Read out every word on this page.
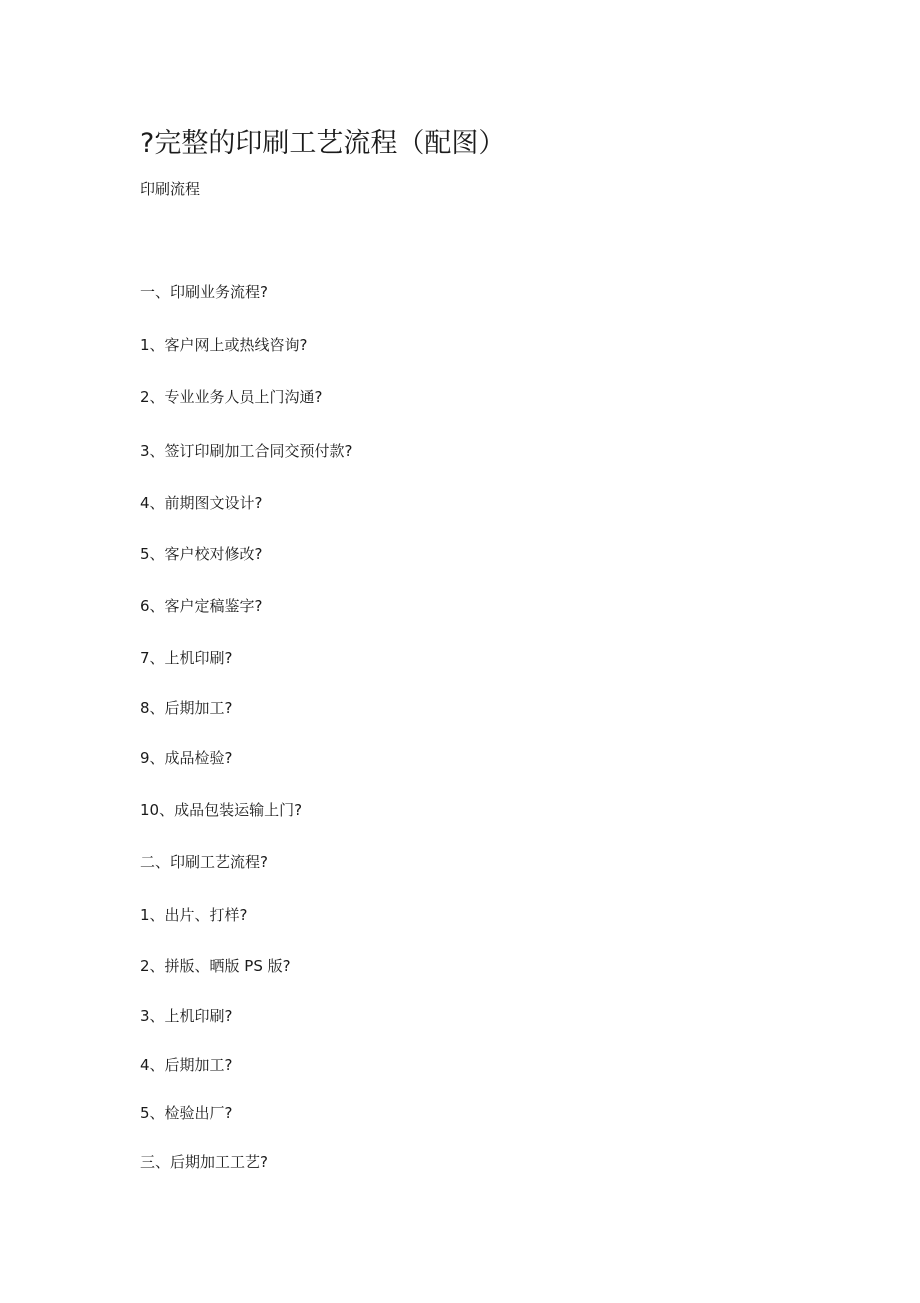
?完整的印刷工艺流程（配图）
印刷流程
一、印刷业务流程?
1、客户网上或热线咨询?
2、专业业务人员上门沟通?
3、签订印刷加工合同交预付款?
4、前期图文设计?
5、客户校对修改?
6、客户定稿鉴字?
7、上机印刷?
8、后期加工?
9、成品检验?
10、成品包装运输上门?
二、印刷工艺流程?
1、出片、打样?
2、拼版、晒版 PS 版?
3、上机印刷?
4、后期加工?
5、检验出厂?
三、后期加工工艺?
